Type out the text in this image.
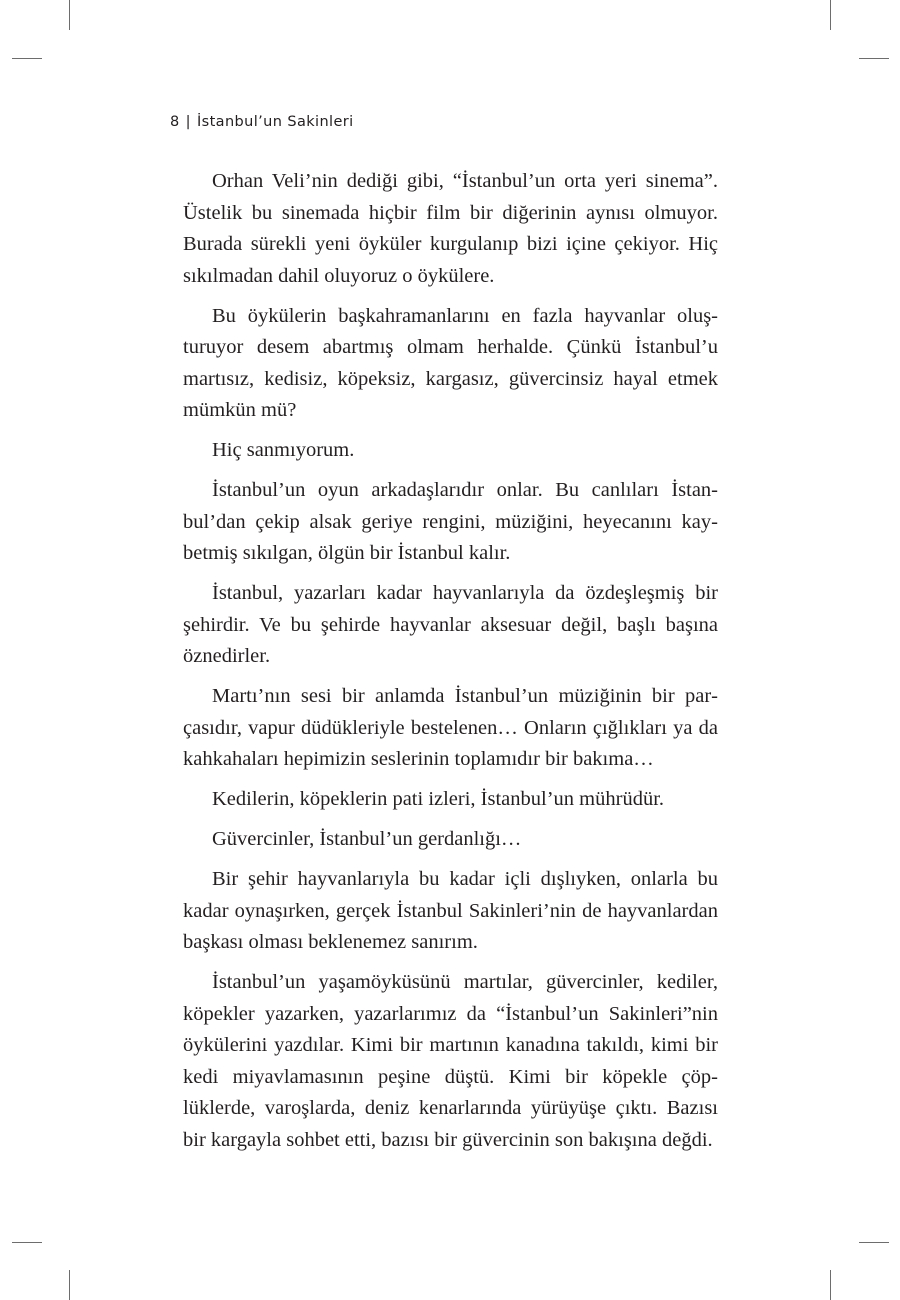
8 | İstanbul’un Sakinleri

Orhan Veli’nin dediği gibi, “İstanbul’un orta yeri sinema”. Üstelik bu sinemada hiçbir film bir diğerinin aynısı olmuyor. Burada sürekli yeni öyküler kurgulanıp bizi içine çekiyor. Hiç sıkılmadan dahil oluyoruz o öykülere.

Bu öykülerin başkahramanlarını en fazla hayvanlar oluşturuyor desem abartmış olmam herhalde. Çünkü İstanbul’u martısız, kedisiz, köpeksiz, kargasız, güvercinsiz hayal etmek mümkün mü?

Hiç sanmıyorum.

İstanbul’un oyun arkadaşlarıdır onlar. Bu canlıları İstanbul’dan çekip alsak geriye rengini, müziğini, heyecanını kaybetmiş sıkılgan, ölgün bir İstanbul kalır.

İstanbul, yazarları kadar hayvanlarıyla da özdeşleşmiş bir şehirdir. Ve bu şehirde hayvanlar aksesuar değil, başlı başına öznedirler.

Martı’nın sesi bir anlamda İstanbul’un müziğinin bir parçasıdır, vapur düdükleriyle bestelenen… Onların çığlıkları ya da kahkahaları hepimizin seslerinin toplamıdır bir bakıma…

Kedilerin, köpeklerin pati izleri, İstanbul’un mührüdür.

Güvercinler, İstanbul’un gerdanlığı…

Bir şehir hayvanlarıyla bu kadar içli dışlıyken, onlarla bu kadar oynaşırken, gerçek İstanbul Sakinleri’nin de hayvanlardan başkası olması beklenemez sanırım.

İstanbul’un yaşamöyküsünü martılar, güvercinler, kediler, köpekler yazarken, yazarlarımız da “İstanbul’un Sakinleri”nin öykülerini yazdılar. Kimi bir martının kanadına takıldı, kimi bir kedi miyavlamasının peşine düştü. Kimi bir köpekle çöplüklerde, varoşlarda, deniz kenarlarında yürüyüşe çıktı. Bazısı bir kargayla sohbet etti, bazısı bir güvercinin son bakışına değdi.
